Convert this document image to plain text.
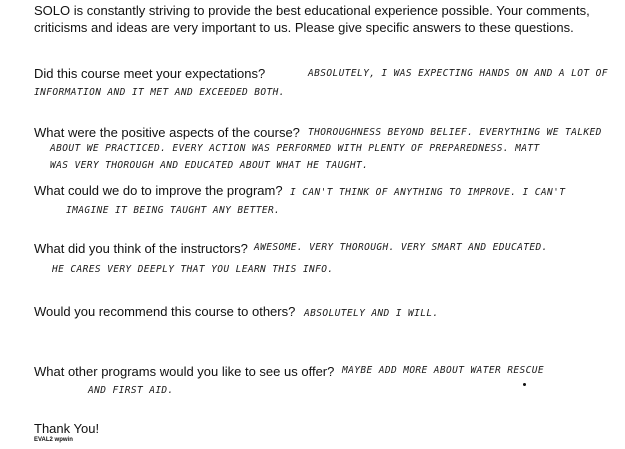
SOLO is constantly striving to provide the best educational experience possible. Your comments, criticisms and ideas are very important to us. Please give specific answers to these questions.
Did this course meet your expectations?	ABSOLUTELY, I WAS EXPECTING HANDS ON AND A LOT OF
INFORMATION AND IT MET AND EXCEEDED BOTH.
What were the positive aspects of the course? THOROUGHNESS BEYOND BELIEF. EVERYTHING WE TALKED
ABOUT WE PRACTICED. EVERY ACTION WAS PERFORMED WITH PLENTY OF PREPAREDNESS. MATT
WAS VERY THOROUGH AND EDUCATED ABOUT WHAT HE TAUGHT.
What could we do to improve the program? I CAN'T THINK OF ANYTHING TO IMPROVE. I CAN'T
IMAGINE IT BEING TAUGHT ANY BETTER.
What did you think of the instructors? AWESOME. VERY THOROUGH. VERY SMART AND EDUCATED.
HE CARES VERY DEEPLY THAT YOU LEARN THIS INFO.
Would you recommend this course to others? ABSOLUTELY AND I WILL.
What other programs would you like to see us offer? MAYBE ADD MORE ABOUT WATER RESCUE
AND FIRST AID.
Thank You!
EVAL2 wpwin
